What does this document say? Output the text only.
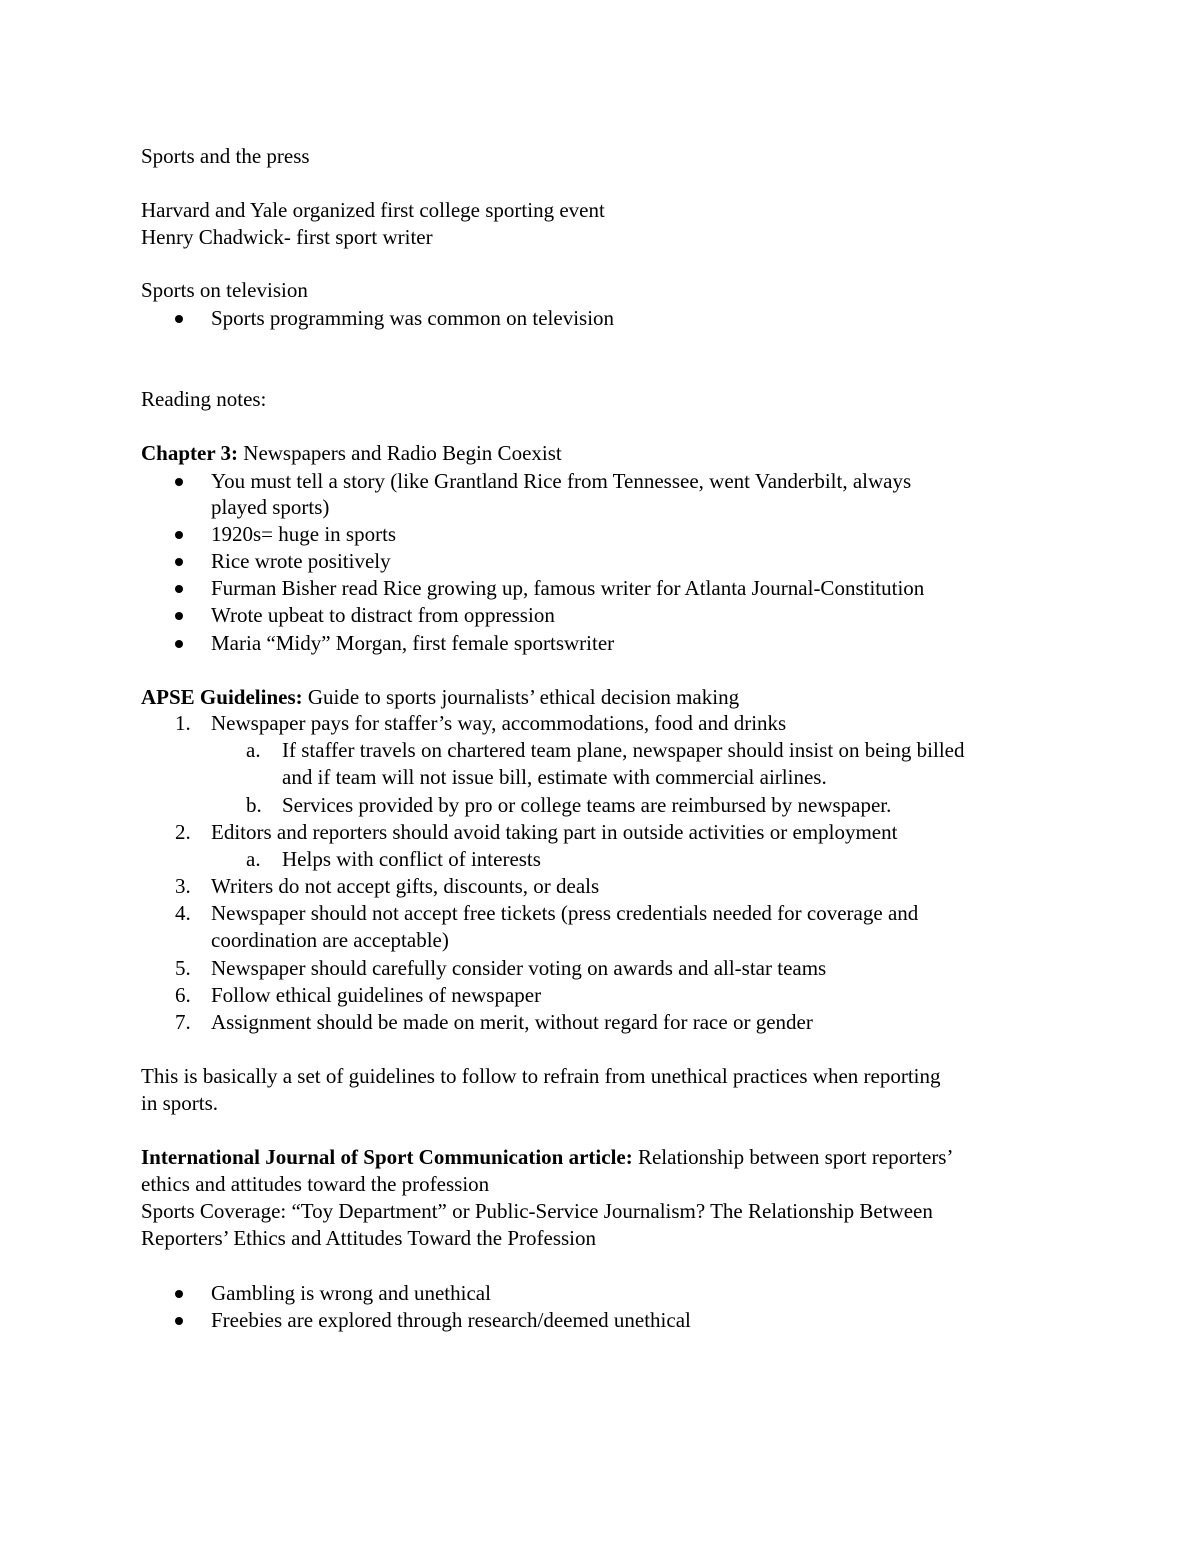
Sports and the press
Harvard and Yale organized first college sporting event
Henry Chadwick- first sport writer
Sports on television
Sports programming was common on television
Reading notes:
Chapter 3: Newspapers and Radio Begin Coexist
You must tell a story (like Grantland Rice from Tennessee, went Vanderbilt, always
played sports)
1920s= huge in sports
Rice wrote positively
Furman Bisher read Rice growing up, famous writer for Atlanta Journal-Constitution
Wrote upbeat to distract from oppression
Maria “Midy” Morgan, first female sportswriter
APSE Guidelines: Guide to sports journalists’ ethical decision making
1. Newspaper pays for staffer’s way, accommodations, food and drinks
a. If staffer travels on chartered team plane, newspaper should insist on being billed
and if team will not issue bill, estimate with commercial airlines.
b. Services provided by pro or college teams are reimbursed by newspaper.
2. Editors and reporters should avoid taking part in outside activities or employment
a. Helps with conflict of interests
3. Writers do not accept gifts, discounts, or deals
4. Newspaper should not accept free tickets (press credentials needed for coverage and
coordination are acceptable)
5. Newspaper should carefully consider voting on awards and all-star teams
6. Follow ethical guidelines of newspaper
7. Assignment should be made on merit, without regard for race or gender
This is basically a set of guidelines to follow to refrain from unethical practices when reporting
in sports.
International Journal of Sport Communication article: Relationship between sport reporters’
ethics and attitudes toward the profession
Sports Coverage: “Toy Department” or Public-Service Journalism? The Relationship Between
Reporters’ Ethics and Attitudes Toward the Profession
Gambling is wrong and unethical
Freebies are explored through research/deemed unethical
